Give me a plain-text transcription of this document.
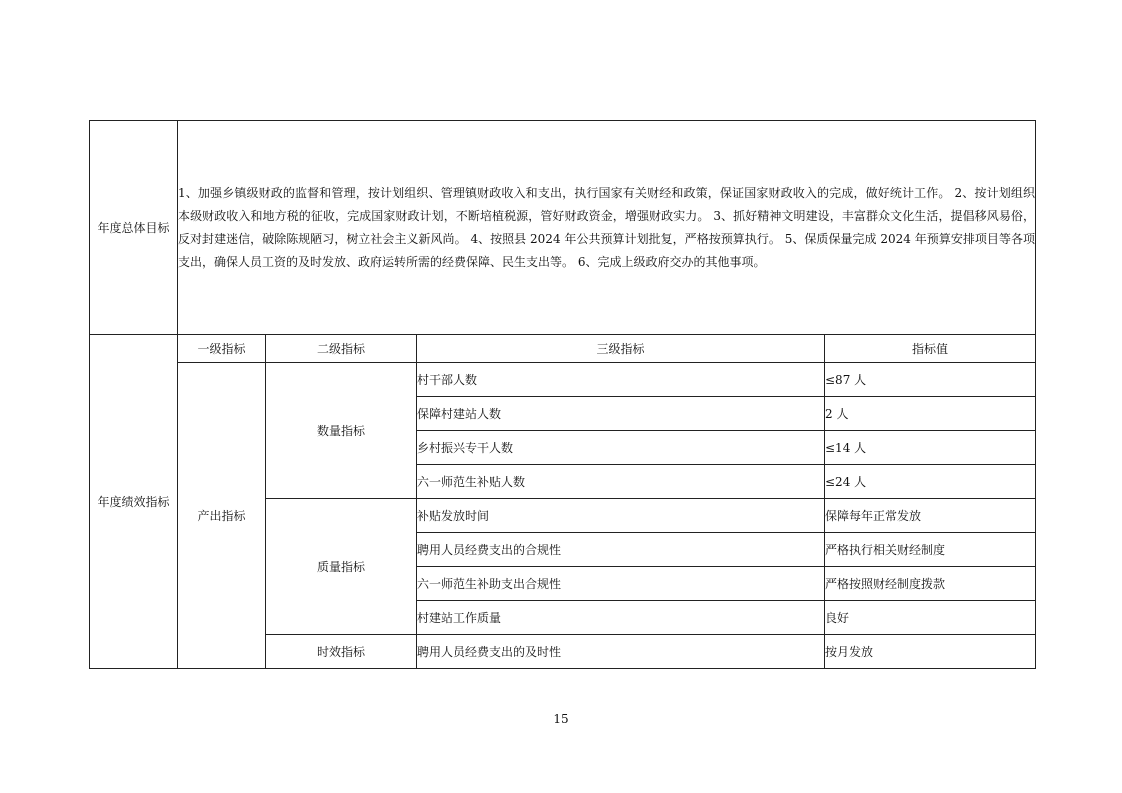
年度总体目标	1、加强乡镇级财政的监督和管理，按计划组织、管理镇财政收入和支出，执行国家有关财经和政策，保证国家财政收入的完成，做好统计工作。 2、按计划组织本级财政收入和地方税的征收，完成国家财政计划，不断培植税源，管好财政资金，增强财政实力。 3、抓好精神文明建设，丰富群众文化生活，提倡移风易俗，反对封建迷信，破除陈规陋习，树立社会主义新风尚。 4、按照县 2024 年公共预算计划批复，严格按预算执行。 5、保质保量完成 2024 年预算安排项目等各项支出，确保人员工资的及时发放、政府运转所需的经费保障、民生支出等。 6、完成上级政府交办的其他事项。			
年度绩效指标	一级指标	二级指标	三级指标	指标值
	产出指标	数量指标	村干部人数	≤87 人
			保障村建站人数	2 人
			乡村振兴专干人数	≤14 人
			六一师范生补贴人数	≤24 人
		质量指标	补贴发放时间	保障每年正常发放
			聘用人员经费支出的合规性	严格执行相关财经制度
			六一师范生补助支出合规性	严格按照财经制度拨款
			村建站工作质量	良好
		时效指标	聘用人员经费支出的及时性	按月发放
15
